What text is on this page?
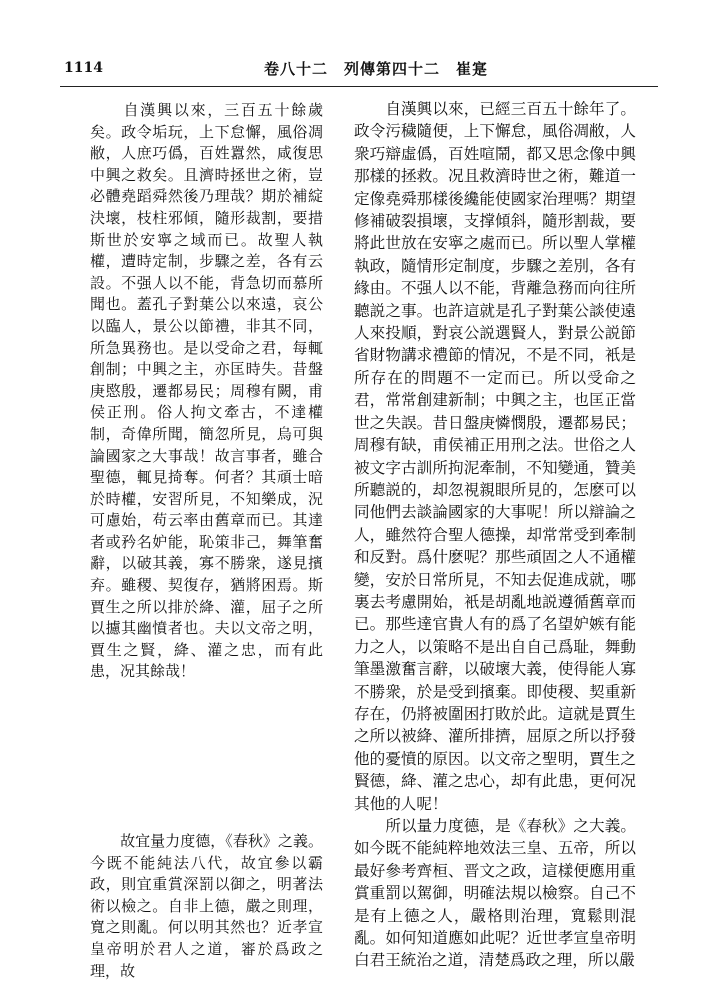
1114	卷八十二　列傳第四十二　崔寔

　　自漢興以來，三百五十餘歲矣。政令垢玩，上下怠懈，風俗凋敝，人庶巧僞，百姓囂然，咸復思中興之救矣。且濟時拯世之術，豈必體堯蹈舜然後乃理哉？期於補綻決壞，枝柱邪傾，隨形裁割，要措斯世於安寧之域而已。故聖人執權，遭時定制，步驟之差，各有云設。不强人以不能，背急切而慕所聞也。蓋孔子對葉公以來遠，哀公以臨人，景公以節禮，非其不同，所急異務也。是以受命之君，每輒創制；中興之主，亦匡時失。昔盤庚愍殷，遷都易民；周穆有闕，甫侯正刑。俗人拘文牽古，不達權制，奇偉所聞，簡忽所見，烏可與論國家之大事哉！故言事者，雖合聖德，輒見掎奪。何者？其頑士暗於時權，安習所見，不知樂成，況可慮始，苟云率由舊章而已。其達者或矜名妒能，恥策非己，舞筆奮辭，以破其義，寡不勝衆，遂見擯弃。雖稷、契復存，猶將困焉。斯賈生之所以排於絳、灌，屈子之所以攄其幽憤者也。夫以文帝之明，賈生之賢，絳、灌之忠，而有此患，况其餘哉！

　　故宜量力度德，《春秋》之義。今既不能純法八代，故宜參以霸政，則宜重賞深罰以御之，明著法術以檢之。自非上德，嚴之則理，寬之則亂。何以明其然也？近孝宣皇帝明於君人之道，審於爲政之理，故

　　自漢興以來，已經三百五十餘年了。政令污穢隨便，上下懈怠，風俗凋敝，人衆巧辯虛僞，百姓喧鬧，都又思念像中興那樣的拯救。况且救濟時世之術，難道一定像堯舜那樣後纔能使國家治理嗎？期望修補破裂損壞，支撑傾斜，隨形割裁，要將此世放在安寧之處而已。所以聖人掌權執政，隨情形定制度，步驟之差別，各有緣由。不强人以不能，背離急務而向往所聽説之事。也許這就是孔子對葉公談使遠人來投順，對哀公説選賢人，對景公説節省財物講求禮節的情况，不是不同，衹是所存在的問題不一定而已。所以受命之君，常常創建新制；中興之主，也匡正當世之失誤。昔日盤庚憐憫殷，遷都易民；周穆有缺，甫侯補正用刑之法。世俗之人被文字古訓所拘泥牽制，不知變通，贊美所聽説的，却忽視親眼所見的，怎麽可以同他們去談論國家的大事呢！所以辯論之人，雖然符合聖人德操，却常常受到牽制和反對。爲什麽呢？那些頑固之人不通權變，安於日常所見，不知去促進成就，哪裏去考慮開始，衹是胡亂地説遵循舊章而已。那些達官貴人有的爲了名望妒嫉有能力之人，以策略不是出自自己爲耻，舞動筆墨激奮言辭，以破壞大義，使得能人寡不勝衆，於是受到擯棄。即使稷、契重新存在，仍將被圍困打敗於此。這就是賈生之所以被絳、灌所排擠，屈原之所以抒發他的憂憤的原因。以文帝之聖明，賈生之賢德，絳、灌之忠心，却有此患，更何况其他的人呢！

　　所以量力度德，是《春秋》之大義。如今既不能純粹地效法三皇、五帝，所以最好參考齊桓、晋文之政，這樣便應用重賞重罰以駕御，明確法規以檢察。自己不是有上德之人，嚴格則治理，寬鬆則混亂。如何知道應如此呢？近世孝宣皇帝明白君王統治之道，清楚爲政之理，所以嚴
